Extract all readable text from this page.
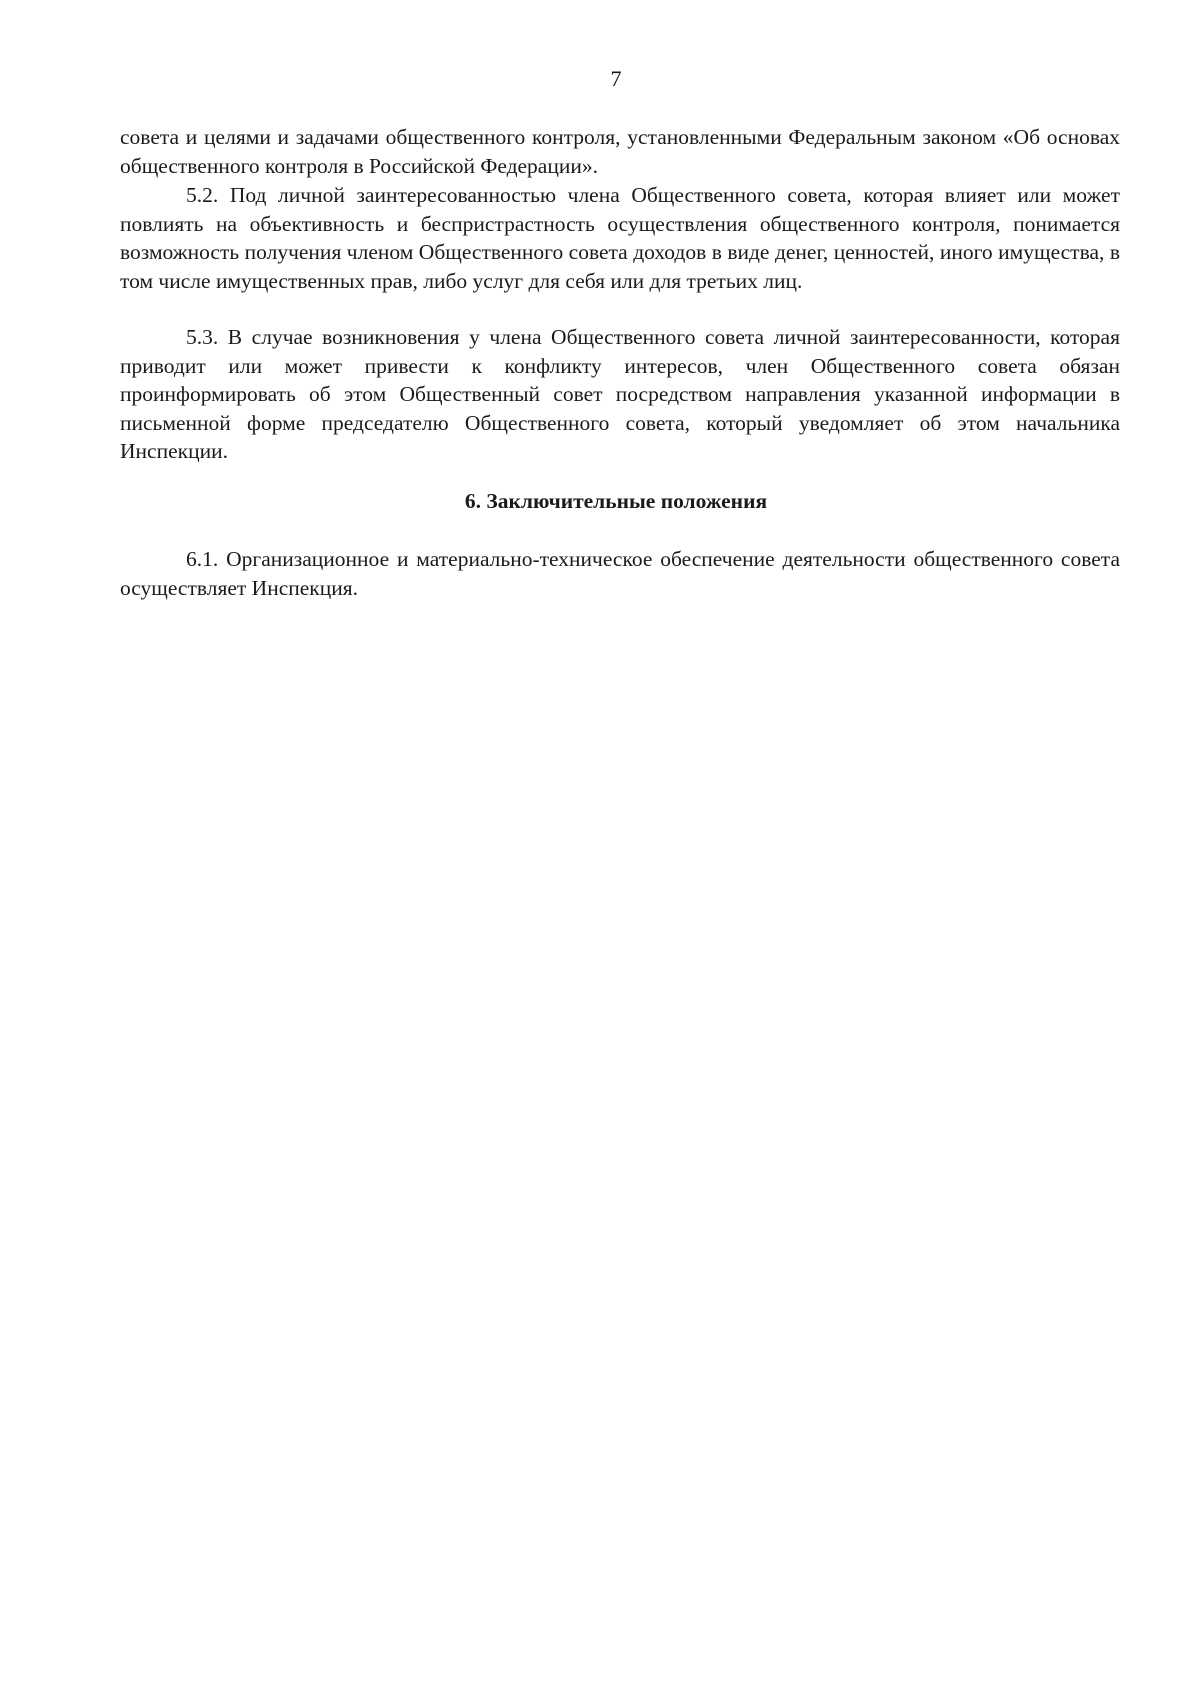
7

совета и целями и задачами общественного контроля, установленными Федеральным законом «Об основах общественного контроля в Российской Федерации».

5.2. Под личной заинтересованностью члена Общественного совета, которая влияет или может повлиять на объективность и беспристрастность осуществления общественного контроля, понимается возможность получения членом Общественного совета доходов в виде денег, ценностей, иного имущества, в том числе имущественных прав, либо услуг для себя или для третьих лиц.

5.3. В случае возникновения у члена Общественного совета личной заинтересованности, которая приводит или может привести к конфликту интересов, член Общественного совета обязан проинформировать об этом Общественный совет посредством направления указанной информации в письменной форме председателю Общественного совета, который уведомляет об этом начальника Инспекции.

6. Заключительные положения

6.1. Организационное и материально-техническое обеспечение деятельности общественного совета осуществляет Инспекция.
